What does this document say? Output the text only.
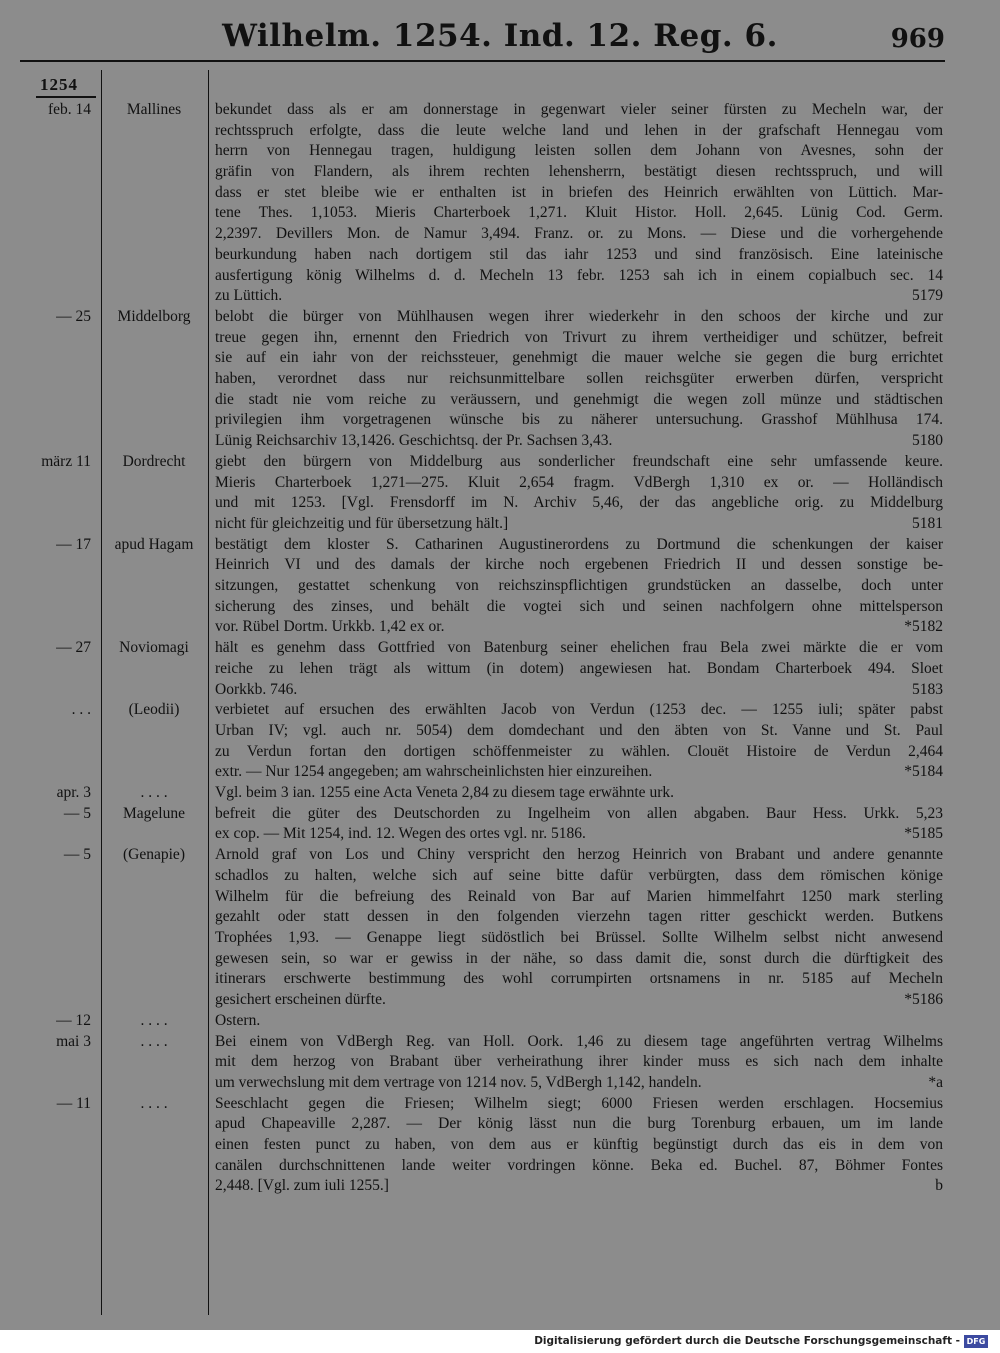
Wilhelm. 1254. Ind. 12. Reg. 6.	969
1254
feb. 14	Mallines	bekundet dass als er am donnerstage in gegenwart vieler seiner fürsten zu Mecheln war, der
rechtsspruch erfolgte, dass die leute welche land und lehen in der grafschaft Hennegau vom
herrn von Hennegau tragen, huldigung leisten sollen dem Johann von Avesnes, sohn der
gräfin von Flandern, als ihrem rechten lehensherrn, bestätigt diesen rechtsspruch, und will
dass er stet bleibe wie er enthalten ist in briefen des Heinrich erwählten von Lüttich. Mar-
tene Thes. 1,1053. Mieris Charterboek 1,271. Kluit Histor. Holl. 2,645. Lünig Cod. Germ.
2,2397. Devillers Mon. de Namur 3,494. Franz. or. zu Mons. — Diese und die vorhergehende
beurkundung haben nach dortigem stil das iahr 1253 und sind französisch. Eine lateinische
ausfertigung könig Wilhelms d. d. Mecheln 13 febr. 1253 sah ich in einem copialbuch sec. 14
zu Lüttich.	5179
— 25	Middelborg	belobt die bürger von Mühlhausen wegen ihrer wiederkehr in den schoos der kirche und zur
treue gegen ihn, ernennt den Friedrich von Trivurt zu ihrem vertheidiger und schützer, befreit
sie auf ein iahr von der reichssteuer, genehmigt die mauer welche sie gegen die burg errichtet
haben, verordnet dass nur reichsunmittelbare sollen reichsgüter erwerben dürfen, verspricht
die stadt nie vom reiche zu veräussern, und genehmigt die wegen zoll münze und städtischen
privilegien ihm vorgetragenen wünsche bis zu näherer untersuchung. Grasshof Mühlhusa 174.
Lünig Reichsarchiv 13,1426. Geschichtsq. der Pr. Sachsen 3,43.	5180
märz 11	Dordrecht	giebt den bürgern von Middelburg aus sonderlicher freundschaft eine sehr umfassende keure.
Mieris Charterboek 1,271—275. Kluit 2,654 fragm. VdBergh 1,310 ex or. — Holländisch
und mit 1253. [Vgl. Frensdorff im N. Archiv 5,46, der das angebliche orig. zu Middelburg
nicht für gleichzeitig und für übersetzung hält.]	5181
— 17	apud Hagam	bestätigt dem kloster S. Catharinen Augustinerordens zu Dortmund die schenkungen der kaiser
Heinrich VI und des damals der kirche noch ergebenen Friedrich II und dessen sonstige be-
sitzungen, gestattet schenkung von reichszinspflichtigen grundstücken an dasselbe, doch unter
sicherung des zinses, und behält die vogtei sich und seinen nachfolgern ohne mittelsperson
vor. Rübel Dortm. Urkkb. 1,42 ex or.	*5182
— 27	Noviomagi	hält es genehm dass Gottfried von Batenburg seiner ehelichen frau Bela zwei märkte die er vom
reiche zu lehen trägt als wittum (in dotem) angewiesen hat. Bondam Charterboek 494. Sloet
Oorkkb. 746.	5183
. . .	(Leodii)	verbietet auf ersuchen des erwählten Jacob von Verdun (1253 dec. — 1255 iuli; später pabst
Urban IV; vgl. auch nr. 5054) dem domdechant und den äbten von St. Vanne und St. Paul
zu Verdun fortan den dortigen schöffenmeister zu wählen. Clouët Histoire de Verdun 2,464
extr. — Nur 1254 angegeben; am wahrscheinlichsten hier einzureihen.	*5184
apr. 3	. . . .	Vgl. beim 3 ian. 1255 eine Acta Veneta 2,84 zu diesem tage erwähnte urk.
— 5	Magelune	befreit die güter des Deutschorden zu Ingelheim von allen abgaben. Baur Hess. Urkk. 5,23
ex cop. — Mit 1254, ind. 12. Wegen des ortes vgl. nr. 5186.	*5185
— 5	(Genapie)	Arnold graf von Los und Chiny verspricht den herzog Heinrich von Brabant und andere genannte
schadlos zu halten, welche sich auf seine bitte dafür verbürgten, dass dem römischen könige
Wilhelm für die befreiung des Reinald von Bar auf Marien himmelfahrt 1250 mark sterling
gezahlt oder statt dessen in den folgenden vierzehn tagen ritter geschickt werden. Butkens
Trophées 1,93. — Genappe liegt südöstlich bei Brüssel. Sollte Wilhelm selbst nicht anwesend
gewesen sein, so war er gewiss in der nähe, so dass damit die, sonst durch die dürftigkeit des
itinerars erschwerte bestimmung des wohl corrumpirten ortsnamens in nr. 5185 auf Mecheln
gesichert erscheinen dürfte.	*5186
— 12	. . . .	Ostern.
mai 3	. . . .	Bei einem von VdBergh Reg. van Holl. Oork. 1,46 zu diesem tage angeführten vertrag Wilhelms
mit dem herzog von Brabant über verheirathung ihrer kinder muss es sich nach dem inhalte
um verwechslung mit dem vertrage von 1214 nov. 5, VdBergh 1,142, handeln.	*a
— 11	. . . .	Seeschlacht gegen die Friesen; Wilhelm siegt; 6000 Friesen werden erschlagen. Hocsemius
apud Chapeaville 2,287. — Der könig lässt nun die burg Torenburg erbauen, um im lande
einen festen punct zu haben, von dem aus er künftig begünstigt durch das eis in dem von
canälen durchschnittenen lande weiter vordringen könne. Beka ed. Buchel. 87, Böhmer Fontes
2,448. [Vgl. zum iuli 1255.]	b
Digitalisierung gefördert durch die Deutsche Forschungsgemeinschaft - DFG
